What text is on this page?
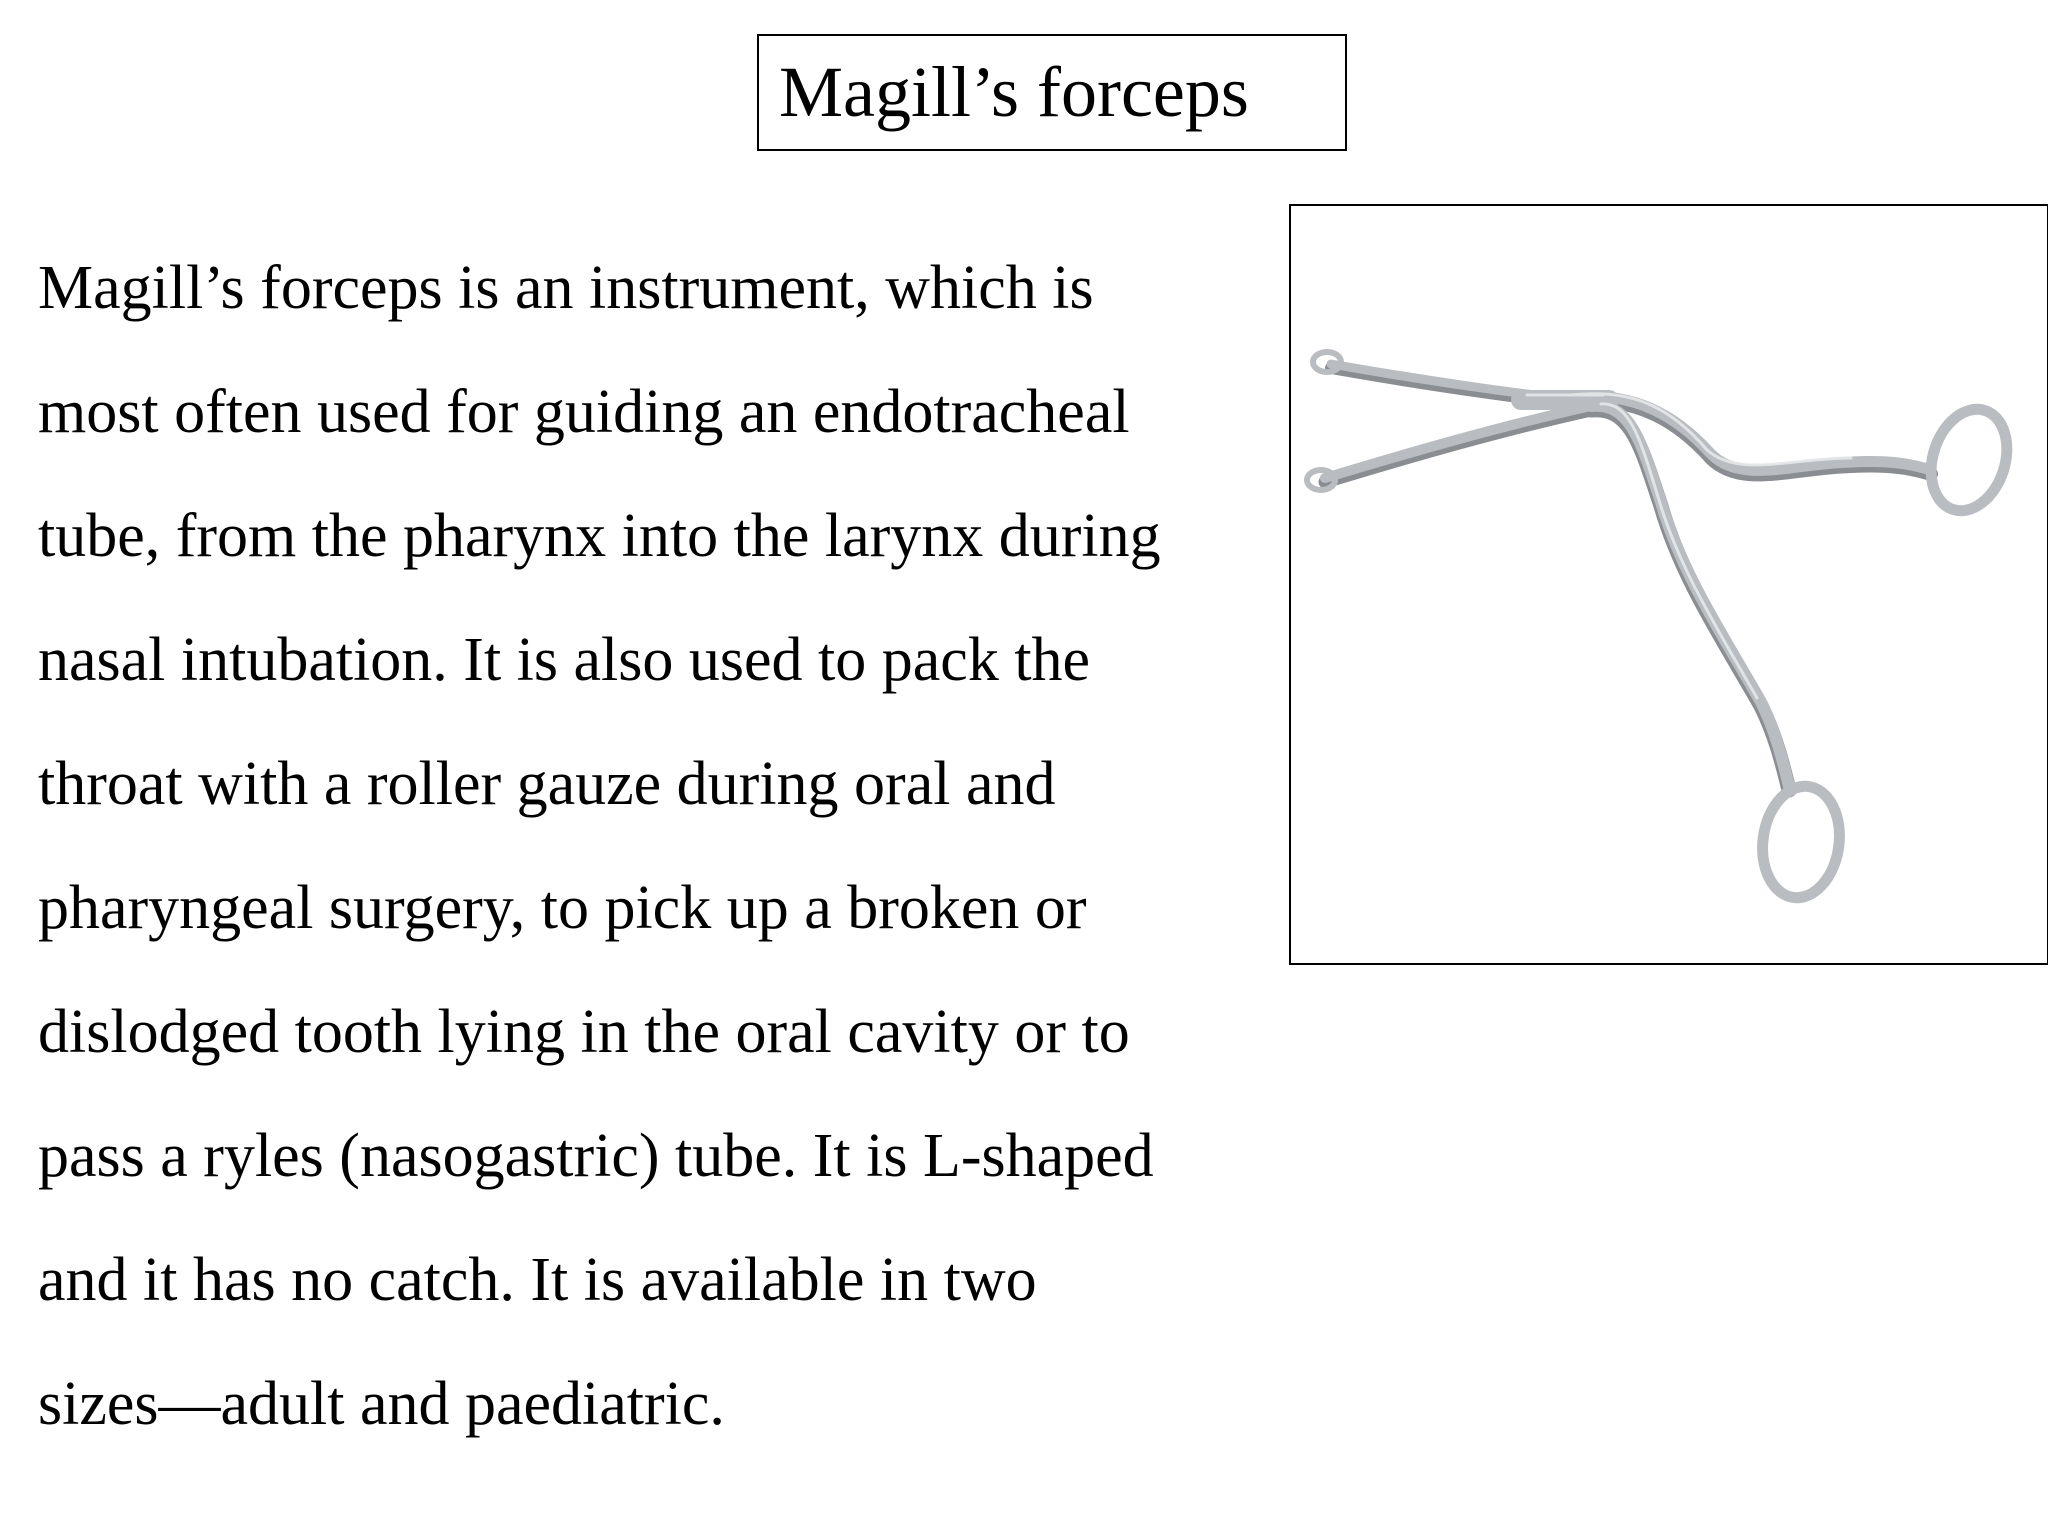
Magill’s forceps
Magill’s forceps is an instrument, which is
most often used for guiding an endotracheal
tube, from the pharynx into the larynx during
nasal intubation. It is also used to pack the
throat with a roller gauze during oral and
pharyngeal surgery, to pick up a broken or
dislodged tooth lying in the oral cavity or to
pass a ryles (nasogastric) tube. It is L-shaped
and it has no catch. It is available in two
sizes—adult and paediatric.
